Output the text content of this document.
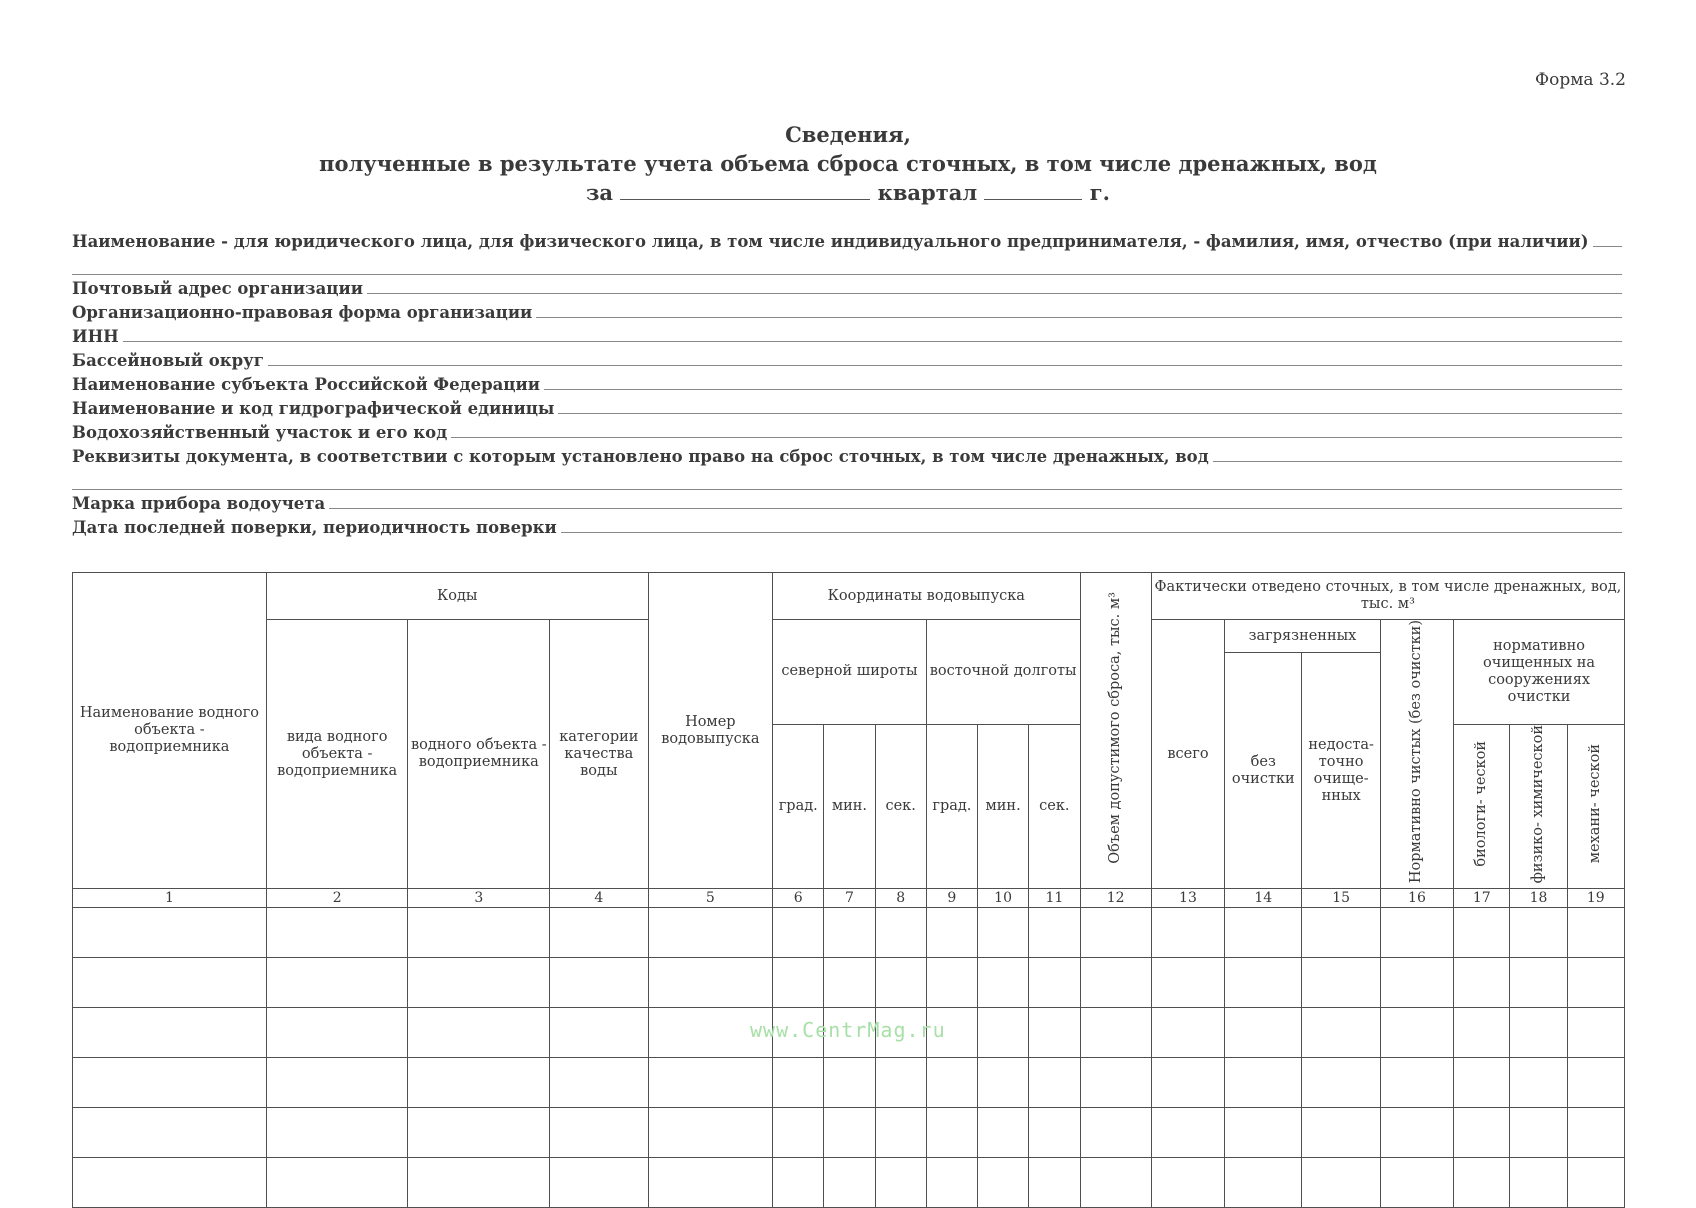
Форма 3.2
Сведения,
полученные в результате учета объема сброса сточных, в том числе дренажных, вод
за	квартал	г.
Наименование - для юридического лица, для физического лица, в том числе индивидуального предпринимателя, - фамилия, имя, отчество (при наличии)
Почтовый адрес организации
Организационно-правовая форма организации
ИНН
Бассейновый округ
Наименование субъекта Российской Федерации
Наименование и код гидрографической единицы
Водохозяйственный участок и его код
Реквизиты документа, в соответствии с которым установлено право на сброс сточных, в том числе дренажных, вод
Марка прибора водоучета
Дата последней поверки, периодичность поверки
Наименование водного объекта - водоприемника	Коды			Номер водовыпуска	Координаты водовыпуска						Объем допустимого сброса, тыс. м³	Фактически отведено сточных, в том числе дренажных, вод, тыс. м³						
	вида водного объекта - водоприемника	водного объекта - водоприемника	категории качества воды		северной широты			восточной долготы				всего	загрязненных		Нормативно чистых (без очистки)	нормативно очищенных на сооружениях очистки		
													без очистки	недоста- точно очище- нных				
					град.	мин.	сек.	град.	мин.	сек.						биологи- ческой	физико- химической	механи- ческой
1	2	3	4	5	6	7	8	9	10	11	12	13	14	15	16	17	18	19

www.CentrMag.ru
